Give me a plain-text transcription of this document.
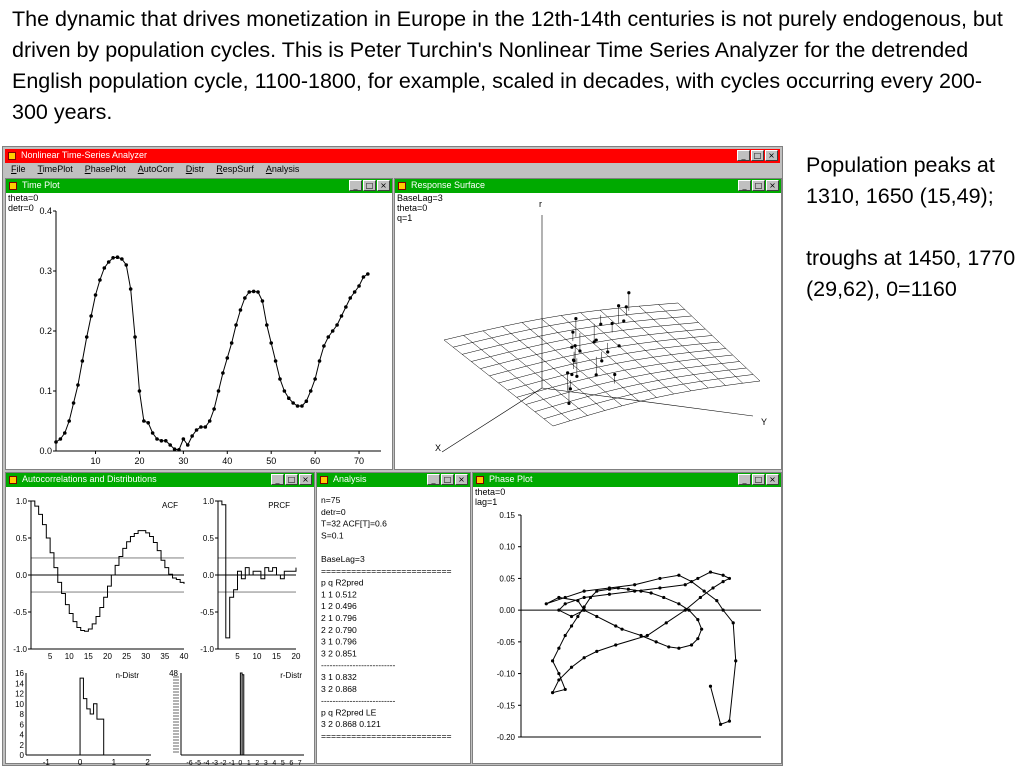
The dynamic that drives monetization in Europe in the 12th-14th centuries is not purely endogenous, but driven by population cycles. This is Peter Turchin's Nonlinear Time Series Analyzer for the detrended English population cycle, 1100-1800, for example, scaled in decades, with cycles occurring every 200-300 years.

Population peaks at 1310, 1650 (15,49);

troughs at 1450, 1770 (29,62), 0=1160

Nonlinear Time-Series Analyzer	_ □ ×
File TimePlot PhasePlot AutoCorr Distr RespSurf Analysis
Time Plot	_ □ ×
theta=0
detr=0
0.0
0.1
0.2
0.3
0.4
10	20	30	40	50	60	70
Response Surface	_ □ ×
BaseLag=3
theta=0
q=1
r
X
Y
Autocorrelations and Distributions	_ □ ×
1.0
0.5
0.0
-0.5
-1.0
5 10 15 20 25 30 35 40
ACF	1.0
0.5
0.0
-0.5
-1.0
5 10 15 20
PRCF
0
2
4
6
8
10
12
14
16
-1	0	1	2
n-Distr	48
-6 -5 -4 -3 -2 -1 0 1 2 3 4 5 6 7
r-Distr
Analysis	_ □ ×
n=75
detr=0
T=32 ACF[T]=0.6
S=0.1
BaseLag=3
==========================
p q R2pred
1 1 0.512
1 2 0.496
2 1 0.796
2 2 0.790
3 1 0.796
3 2 0.851
--------------------------
3 1 0.832
3 2 0.868
--------------------------
p q R2pred LE
3 2 0.868 0.121
==========================
Phase Plot	_ □ ×
theta=0
lag=1
0.15
0.10
0.05
0.00
-0.05
-0.10
-0.15
-0.20
